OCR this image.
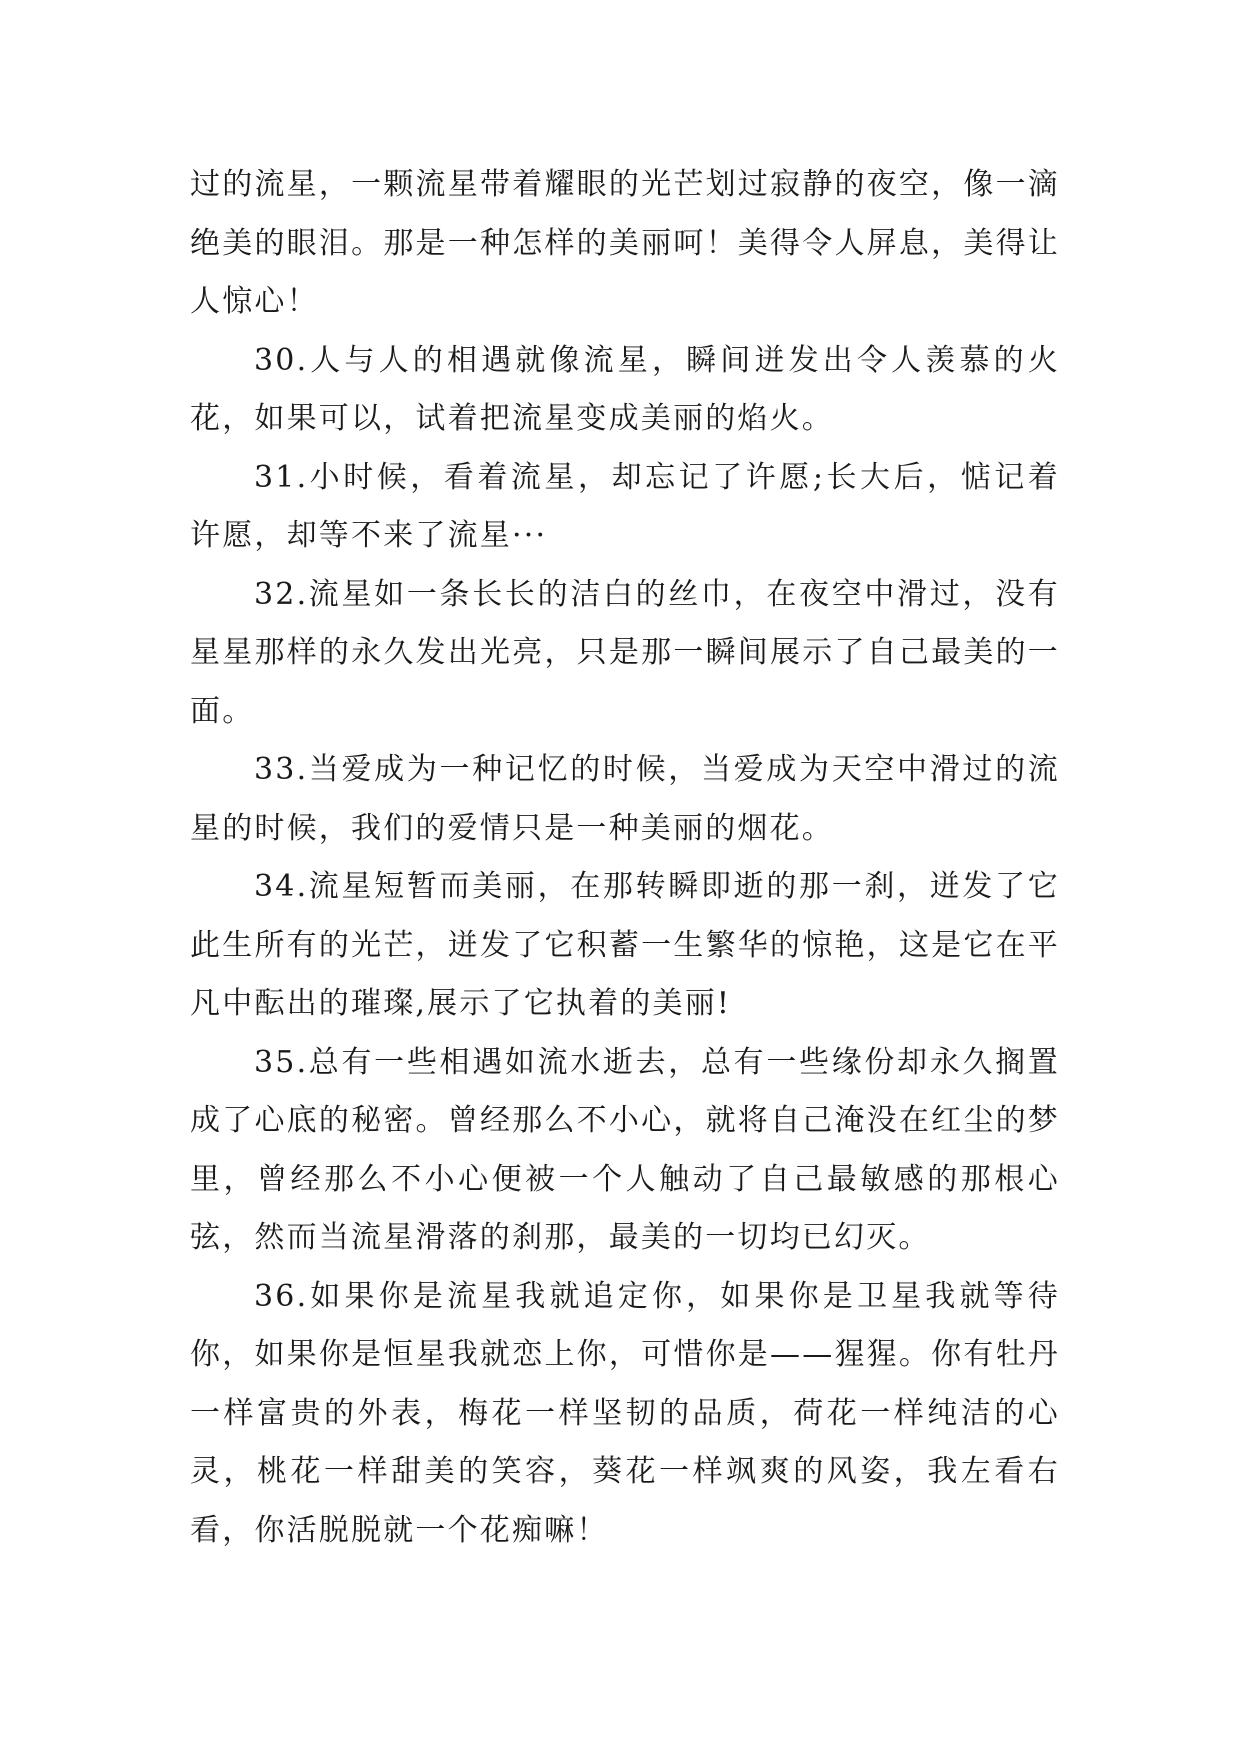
过的流星，一颗流星带着耀眼的光芒划过寂静的夜空，像一滴绝美的眼泪。那是一种怎样的美丽呵！美得令人屏息，美得让人惊心！

30.人与人的相遇就像流星，瞬间迸发出令人羡慕的火花，如果可以，试着把流星变成美丽的焰火。

31.小时候，看着流星，却忘记了许愿;长大后，惦记着许愿，却等不来了流星···

32.流星如一条长长的洁白的丝巾，在夜空中滑过，没有星星那样的永久发出光亮，只是那一瞬间展示了自己最美的一面。

33.当爱成为一种记忆的时候，当爱成为天空中滑过的流星的时候，我们的爱情只是一种美丽的烟花。

34.流星短暂而美丽，在那转瞬即逝的那一刹，迸发了它此生所有的光芒，迸发了它积蓄一生繁华的惊艳，这是它在平凡中酝出的璀璨,展示了它执着的美丽!

35.总有一些相遇如流水逝去，总有一些缘份却永久搁置成了心底的秘密。曾经那么不小心，就将自己淹没在红尘的梦里，曾经那么不小心便被一个人触动了自己最敏感的那根心弦，然而当流星滑落的刹那，最美的一切均已幻灭。

36.如果你是流星我就追定你，如果你是卫星我就等待你，如果你是恒星我就恋上你，可惜你是——猩猩。你有牡丹一样富贵的外表，梅花一样坚韧的品质，荷花一样纯洁的心灵，桃花一样甜美的笑容，葵花一样飒爽的风姿，我左看右看，你活脱脱就一个花痴嘛！
